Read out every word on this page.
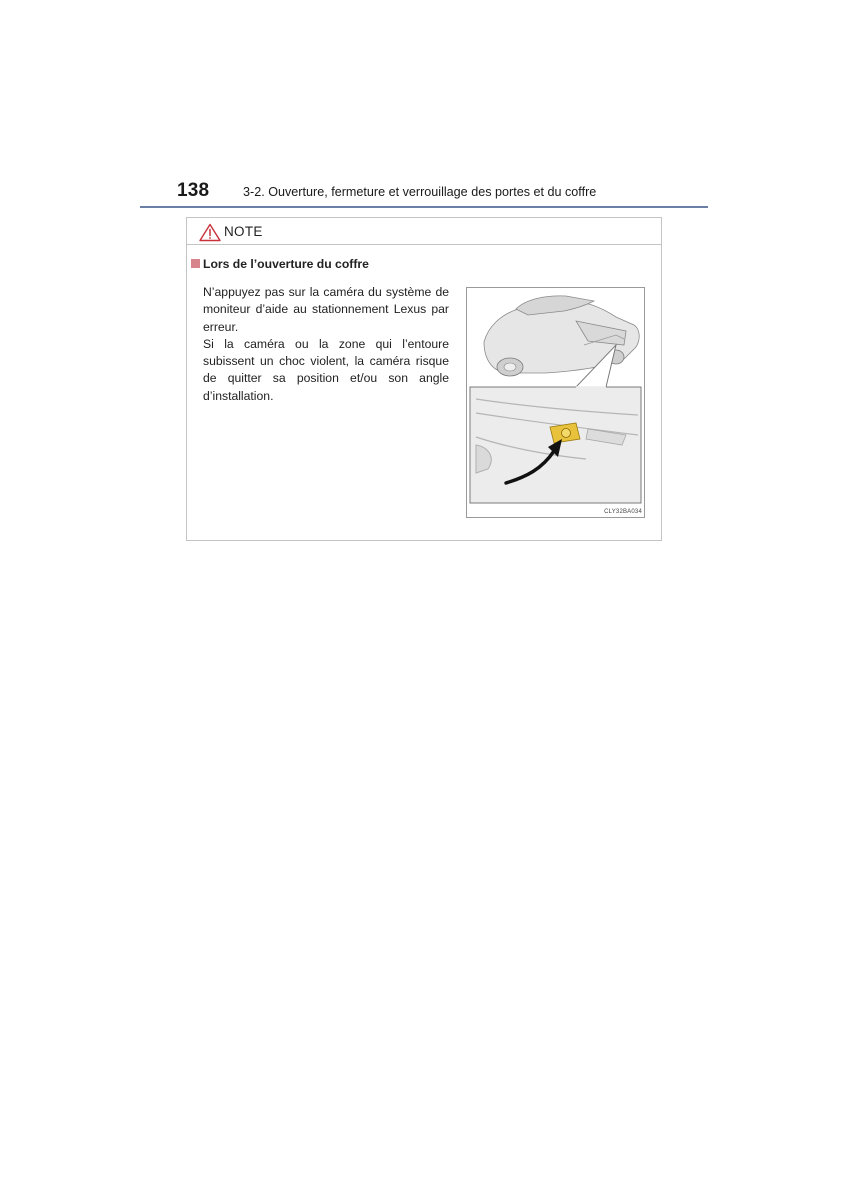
138	3-2. Ouverture, fermeture et verrouillage des portes et du coffre
NOTE
Lors de l’ouverture du coffre

N’appuyez pas sur la caméra du système de moniteur d’aide au stationnement Lexus par erreur.

Si la caméra ou la zone qui l’entoure subissent un choc violent, la caméra risque de quitter sa position et/ou son angle d’installation.

CLY32BA034
